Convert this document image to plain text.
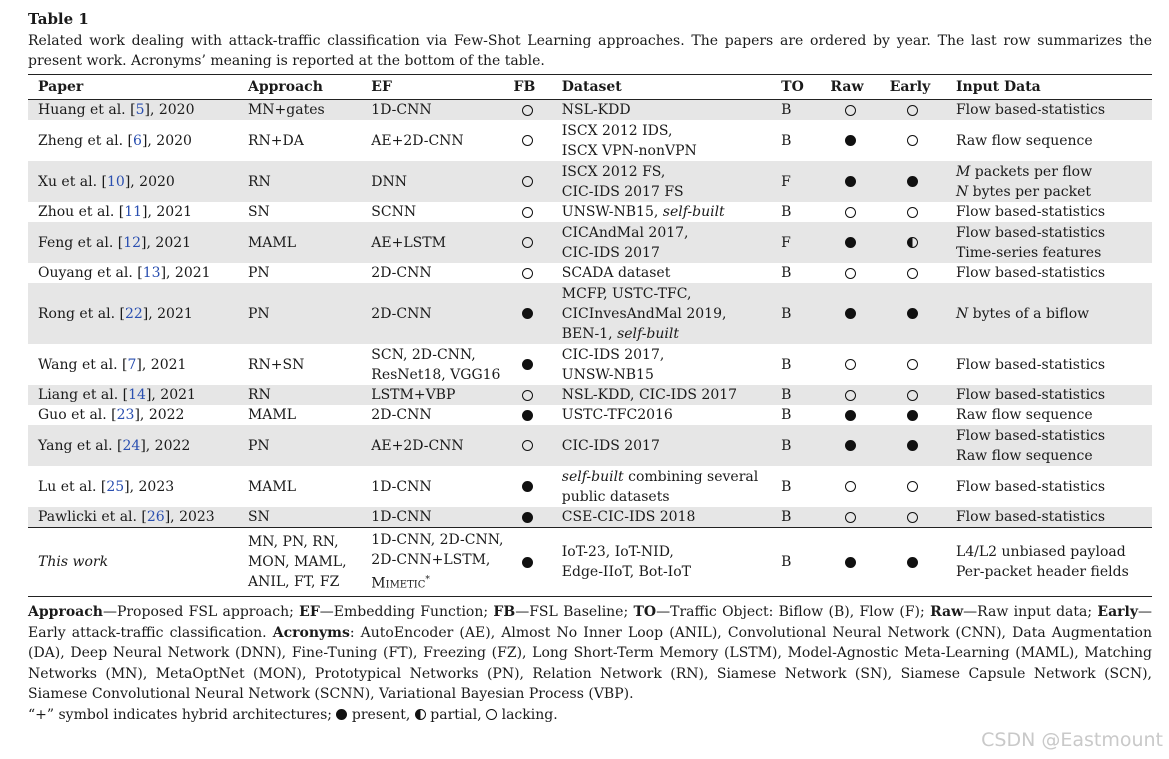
Table 1
Related work dealing with attack-traffic classification via Few-Shot Learning approaches. The papers are ordered by year. The last row summarizes the present work. Acronyms’ meaning is reported at the bottom of the table.
Paper	Approach	EF	FB	Dataset	TO	Raw	Early	Input Data
Huang et al. [5], 2020	MN+gates	1D-CNN		NSL-KDD	B			Flow based-statistics

Zheng et al. [6], 2020	RN+DA	AE+2D-CNN		ISCX 2012 IDS,
ISCX VPN-nonVPN	B			Raw flow sequence

Xu et al. [10], 2020	RN	DNN		ISCX 2012 FS,
CIC-IDS 2017 FS	F			M packets per flow
N bytes per packet

Zhou et al. [11], 2021	SN	SCNN		UNSW-NB15, self-built	B			Flow based-statistics

Feng et al. [12], 2021	MAML	AE+LSTM		CICAndMal 2017,
CIC-IDS 2017	F			Flow based-statistics
Time-series features

Ouyang et al. [13], 2021	PN	2D-CNN		SCADA dataset	B			Flow based-statistics

Rong et al. [22], 2021	PN	2D-CNN		MCFP, USTC-TFC,
CICInvesAndMal 2019,
BEN-1, self-built	B			N bytes of a biflow

Wang et al. [7], 2021	RN+SN	SCN, 2D-CNN,
ResNet18, VGG16		CIC-IDS 2017,
UNSW-NB15	B			Flow based-statistics

Liang et al. [14], 2021	RN	LSTM+VBP		NSL-KDD, CIC-IDS 2017	B			Flow based-statistics

Guo et al. [23], 2022	MAML	2D-CNN		USTC-TFC2016	B			Raw flow sequence

Yang et al. [24], 2022	PN	AE+2D-CNN		CIC-IDS 2017	B			Flow based-statistics
Raw flow sequence

Lu et al. [25], 2023	MAML	1D-CNN		self-built combining several
public datasets	B			Flow based-statistics

Pawlicki et al. [26], 2023	SN	1D-CNN		CSE-CIC-IDS 2018	B			Flow based-statistics

This work	MN, PN, RN,
MON, MAML,
ANIL, FT, FZ	1D-CNN, 2D-CNN,
2D-CNN+LSTM,
Mimetic*		IoT-23, IoT-NID,
Edge-IIoT, Bot-IoT	B			L4/L2 unbiased payload
Per-packet header fields
Approach—Proposed FSL approach; EF—Embedding Function; FB—FSL Baseline; TO—Traffic Object: Biflow (B), Flow (F); Raw—Raw input data; Early—Early attack-traffic classification. Acronyms: AutoEncoder (AE), Almost No Inner Loop (ANIL), Convolutional Neural Network (CNN), Data Augmentation (DA), Deep Neural Network (DNN), Fine-Tuning (FT), Freezing (FZ), Long Short-Term Memory (LSTM), Model-Agnostic Meta-Learning (MAML), Matching Networks (MN), MetaOptNet (MON), Prototypical Networks (PN), Relation Network (RN), Siamese Network (SN), Siamese Capsule Network (SCN), Siamese Convolutional Neural Network (SCNN), Variational Bayesian Process (VBP).
“+” symbol indicates hybrid architectures; present, partial, lacking.
CSDN @Eastmount
